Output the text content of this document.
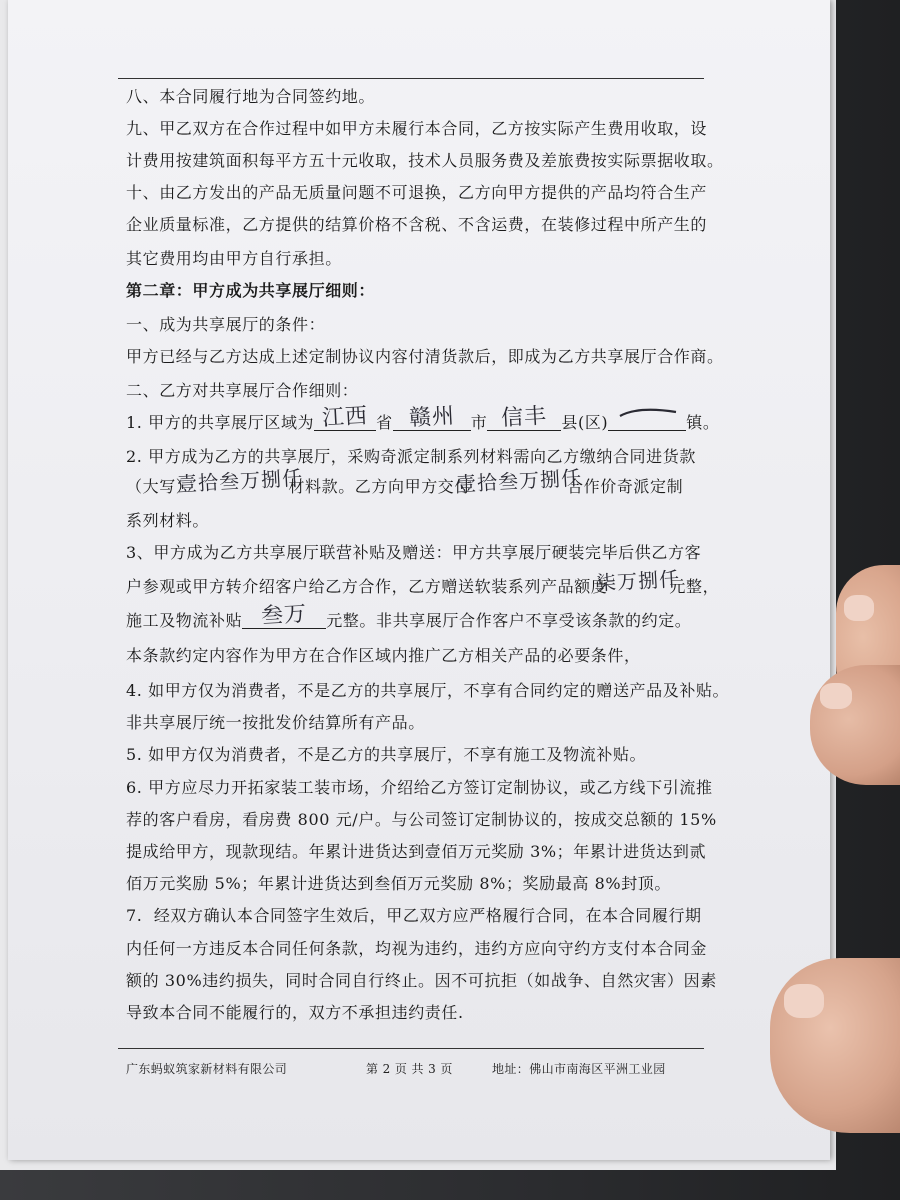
八、本合同履行地为合同签约地。
九、甲乙双方在合作过程中如甲方未履行本合同，乙方按实际产生费用收取，设
计费用按建筑面积每平方五十元收取，技术人员服务费及差旅费按实际票据收取。
十、由乙方发出的产品无质量问题不可退换，乙方向甲方提供的产品均符合生产
企业质量标准，乙方提供的结算价格不含税、不含运费，在装修过程中所产生的
其它费用均由甲方自行承担。
第二章：甲方成为共享展厅细则：
一、成为共享展厅的条件：
甲方已经与乙方达成上述定制协议内容付清货款后，即成为乙方共享展厅合作商。
二、乙方对共享展厅合作细则：
1. 甲方的共享展厅区域为 江西 省 赣州 市 信丰 县(区)	镇。
2. 甲方成为乙方的共享展厅，采购奇派定制系列材料需向乙方缴纳合同进货款
（大写）
壹拾叁万捌仟
材料款。乙方向甲方交付
壹拾叁万捌仟
合作价奇派定制
系列材料。
3、甲方成为乙方共享展厅联营补贴及赠送：甲方共享展厅硬装完毕后供乙方客
户参观或甲方转介绍客户给乙方合作，乙方赠送软装系列产品额度
柒万捌仟
元整，
施工及物流补贴 叁万 元整。非共享展厅合作客户不享受该条款的约定。
本条款约定内容作为甲方在合作区域内推广乙方相关产品的必要条件，
4. 如甲方仅为消费者，不是乙方的共享展厅，不享有合同约定的赠送产品及补贴。
非共享展厅统一按批发价结算所有产品。
5. 如甲方仅为消费者，不是乙方的共享展厅，不享有施工及物流补贴。
6. 甲方应尽力开拓家装工装市场，介绍给乙方签订定制协议，或乙方线下引流推
荐的客户看房，看房费 800 元/户。与公司签订定制协议的，按成交总额的 15%
提成给甲方，现款现结。年累计进货达到壹佰万元奖励 3%；年累计进货达到贰
佰万元奖励 5%；年累计进货达到叁佰万元奖励 8%；奖励最高 8%封顶。
7.  经双方确认本合同签字生效后，甲乙双方应严格履行合同，在本合同履行期
内任何一方违反本合同任何条款，均视为违约，违约方应向守约方支付本合同金
额的 30%违约损失，同时合同自行终止。因不可抗拒（如战争、自然灾害）因素
导致本合同不能履行的，双方不承担违约责任.
广东蚂蚁筑家新材料有限公司	第 2 页 共 3 页	地址：佛山市南海区平洲工业园
